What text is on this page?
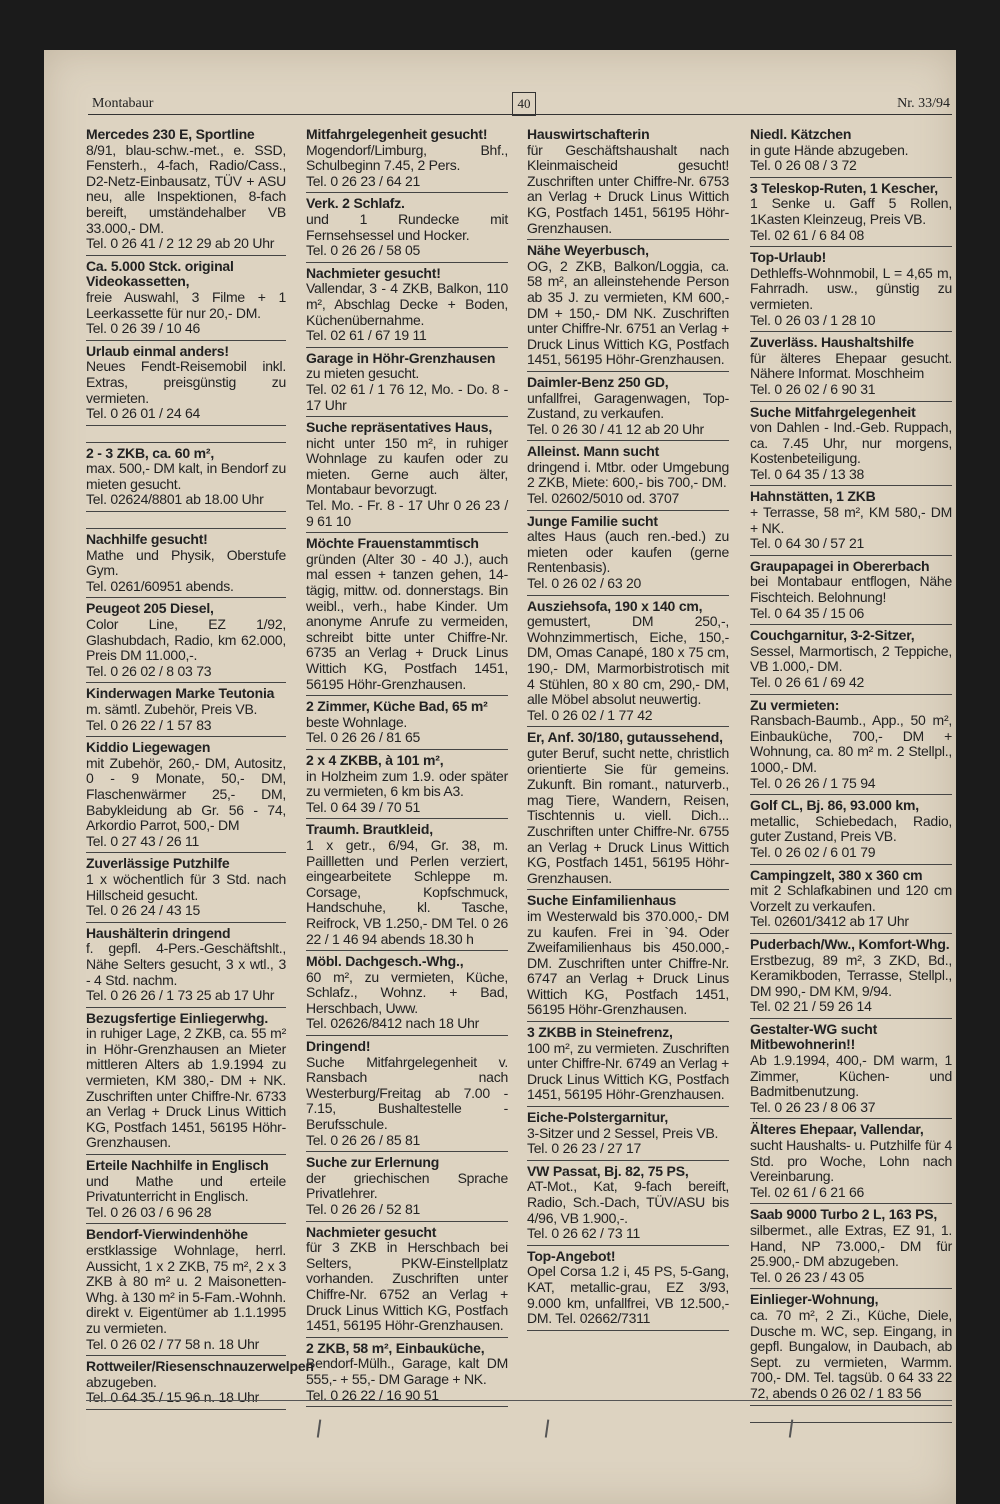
Montabaur	40	Nr. 33/94
Mercedes 230 E, Sportline

8/91, blau-schw.-met., e. SSD, Fensterh., 4-fach, Radio/Cass., D2-Netz-Einbausatz, TÜV + ASU neu, alle Inspektionen, 8-fach bereift, umständehalber VB 33.000,- DM.

Tel. 0 26 41 / 2 12 29 ab 20 Uhr

Ca. 5.000 Stck. original Videokassetten,

freie Auswahl, 3 Filme + 1 Leerkassette für nur 20,- DM.

Tel. 0 26 39 / 10 46

Urlaub einmal anders!

Neues Fendt-Reisemobil inkl. Extras, preisgünstig zu vermieten.

Tel. 0 26 01 / 24 64

2 - 3 ZKB, ca. 60 m²,

max. 500,- DM kalt, in Bendorf zu mieten gesucht.

Tel. 02624/8801 ab 18.00 Uhr

Nachhilfe gesucht!

Mathe und Physik, Oberstufe Gym.

Tel. 0261/60951 abends.

Peugeot 205 Diesel,

Color Line, EZ 1/92, Glashubdach, Radio, km 62.000, Preis DM 11.000,-.

Tel. 0 26 02 / 8 03 73

Kinderwagen Marke Teutonia

m. sämtl. Zubehör, Preis VB.

Tel. 0 26 22 / 1 57 83

Kiddio Liegewagen

mit Zubehör, 260,- DM, Autositz, 0 - 9 Monate, 50,- DM, Flaschenwärmer 25,- DM, Babykleidung ab Gr. 56 - 74, Arkordio Parrot, 500,- DM

Tel. 0 27 43 / 26 11

Zuverlässige Putzhilfe

1 x wöchentlich für 3 Std. nach Hillscheid gesucht.

Tel. 0 26 24 / 43 15

Haushälterin dringend

f. gepfl. 4-Pers.-Geschäftshlt., Nähe Selters gesucht, 3 x wtl., 3 - 4 Std. nachm.

Tel. 0 26 26 / 1 73 25 ab 17 Uhr

Bezugsfertige Einliegerwhg.

in ruhiger Lage, 2 ZKB, ca. 55 m² in Höhr-Grenzhausen an Mieter mittleren Alters ab 1.9.1994 zu vermieten, KM 380,- DM + NK. Zuschriften unter Chiffre-Nr. 6733 an Verlag + Druck Linus Wittich KG, Postfach 1451, 56195 Höhr-Grenzhausen.

Erteile Nachhilfe in Englisch

und Mathe und erteile Privatunterricht in Englisch.

Tel. 0 26 03 / 6 96 28

Bendorf-Vierwindenhöhe

erstklassige Wohnlage, herrl. Aussicht, 1 x 2 ZKB, 75 m², 2 x 3 ZKB à 80 m² u. 2 Maisonetten-Whg. à 130 m² in 5-Fam.-Wohnh. direkt v. Eigentümer ab 1.1.1995 zu vermieten.

Tel. 0 26 02 / 77 58 n. 18 Uhr

Rottweiler/Riesenschnauzerwelpen

abzugeben.

Tel. 0 64 35 / 15 96 n. 18 Uhr

Mitfahrgelegenheit gesucht!

Mogendorf/Limburg, Bhf., Schulbeginn 7.45, 2 Pers.

Tel. 0 26 23 / 64 21

Verk. 2 Schlafz.

und 1 Rundecke mit Fernsehsessel und Hocker.

Tel. 0 26 26 / 58 05

Nachmieter gesucht!

Vallendar, 3 - 4 ZKB, Balkon, 110 m², Abschlag Decke + Boden, Küchenübernahme.

Tel. 02 61 / 67 19 11

Garage in Höhr-Grenzhausen

zu mieten gesucht.

Tel. 02 61 / 1 76 12, Mo. - Do. 8 - 17 Uhr

Suche repräsentatives Haus,

nicht unter 150 m², in ruhiger Wohnlage zu kaufen oder zu mieten. Gerne auch älter, Montabaur bevorzugt.

Tel. Mo. - Fr. 8 - 17 Uhr 0 26 23 / 9 61 10

Möchte Frauenstammtisch

gründen (Alter 30 - 40 J.), auch mal essen + tanzen gehen, 14-tägig, mittw. od. donnerstags. Bin weibl., verh., habe Kinder. Um anonyme Anrufe zu vermeiden, schreibt bitte unter Chiffre-Nr. 6735 an Verlag + Druck Linus Wittich KG, Postfach 1451, 56195 Höhr-Grenzhausen.

2 Zimmer, Küche Bad, 65 m²

beste Wohnlage.

Tel. 0 26 26 / 81 65

2 x 4 ZKBB, à 101 m²,

in Holzheim zum 1.9. oder später zu vermieten, 6 km bis A3.

Tel. 0 64 39 / 70 51

Traumh. Brautkleid,

1 x getr., 6/94, Gr. 38, m. Paillletten und Perlen verziert, eingearbeitete Schleppe m. Corsage, Kopfschmuck, Handschuhe, kl. Tasche, Reifrock, VB 1.250,- DM Tel. 0 26 22 / 1 46 94 abends 18.30 h

Möbl. Dachgesch.-Whg.,

60 m², zu vermieten, Küche, Schlafz., Wohnz. + Bad, Herschbach, Uww.

Tel. 02626/8412 nach 18 Uhr

Dringend!

Suche Mitfahrgelegenheit v. Ransbach nach Westerburg/Freitag ab 7.00 - 7.15, Bushaltestelle - Berufsschule.

Tel. 0 26 26 / 85 81

Suche zur Erlernung

der griechischen Sprache Privatlehrer.

Tel. 0 26 26 / 52 81

Nachmieter gesucht

für 3 ZKB in Herschbach bei Selters, PKW-Einstellplatz vorhanden. Zuschriften unter Chiffre-Nr. 6752 an Verlag + Druck Linus Wittich KG, Postfach 1451, 56195 Höhr-Grenzhausen.

2 ZKB, 58 m², Einbauküche,

Bendorf-Mülh., Garage, kalt DM 555,- + 55,- DM Garage + NK.

Tel. 0 26 22 / 16 90 51

Hauswirtschafterin

für Geschäftshaushalt nach Kleinmaischeid gesucht! Zuschriften unter Chiffre-Nr. 6753 an Verlag + Druck Linus Wittich KG, Postfach 1451, 56195 Höhr-Grenzhausen.

Nähe Weyerbusch,

OG, 2 ZKB, Balkon/Loggia, ca. 58 m², an alleinstehende Person ab 35 J. zu vermieten, KM 600,- DM + 150,- DM NK. Zuschriften unter Chiffre-Nr. 6751 an Verlag + Druck Linus Wittich KG, Postfach 1451, 56195 Höhr-Grenzhausen.

Daimler-Benz 250 GD,

unfallfrei, Garagenwagen, Top-Zustand, zu verkaufen.

Tel. 0 26 30 / 41 12 ab 20 Uhr

Alleinst. Mann sucht

dringend i. Mtbr. oder Umgebung 2 ZKB, Miete: 600,- bis 700,- DM.

Tel. 02602/5010 od. 3707

Junge Familie sucht

altes Haus (auch ren.-bed.) zu mieten oder kaufen (gerne Rentenbasis).

Tel. 0 26 02 / 63 20

Ausziehsofa, 190 x 140 cm,

gemustert, DM 250,-, Wohnzimmertisch, Eiche, 150,- DM, Omas Canapé, 180 x 75 cm, 190,- DM, Marmorbistrotisch mit 4 Stühlen, 80 x 80 cm, 290,- DM, alle Möbel absolut neuwertig.

Tel. 0 26 02 / 1 77 42

Er, Anf. 30/180, gutaussehend,

guter Beruf, sucht nette, christlich orientierte Sie für gemeins. Zukunft. Bin romant., naturverb., mag Tiere, Wandern, Reisen, Tischtennis u. viell. Dich... Zuschriften unter Chiffre-Nr. 6755 an Verlag + Druck Linus Wittich KG, Postfach 1451, 56195 Höhr-Grenzhausen.

Suche Einfamilienhaus

im Westerwald bis 370.000,- DM zu kaufen. Frei in `94. Oder Zweifamilienhaus bis 450.000,- DM. Zuschriften unter Chiffre-Nr. 6747 an Verlag + Druck Linus Wittich KG, Postfach 1451, 56195 Höhr-Grenzhausen.

3 ZKBB in Steinefrenz,

100 m², zu vermieten. Zuschriften unter Chiffre-Nr. 6749 an Verlag + Druck Linus Wittich KG, Postfach 1451, 56195 Höhr-Grenzhausen.

Eiche-Polstergarnitur,

3-Sitzer und 2 Sessel, Preis VB.

Tel. 0 26 23 / 27 17

VW Passat, Bj. 82, 75 PS,

AT-Mot., Kat, 9-fach bereift, Radio, Sch.-Dach, TÜV/ASU bis 4/96, VB 1.900,-.

Tel. 0 26 62 / 73 11

Top-Angebot!

Opel Corsa 1.2 i, 45 PS, 5-Gang, KAT, metallic-grau, EZ 3/93, 9.000 km, unfallfrei, VB 12.500,- DM. Tel. 02662/7311

Niedl. Kätzchen

in gute Hände abzugeben.

Tel. 0 26 08 / 3 72

3 Teleskop-Ruten, 1 Kescher,

1 Senke u. Gaff 5 Rollen, 1Kasten Kleinzeug, Preis VB.

Tel. 02 61 / 6 84 08

Top-Urlaub!

Dethleffs-Wohnmobil, L = 4,65 m, Fahrradh. usw., günstig zu vermieten.

Tel. 0 26 03 / 1 28 10

Zuverläss. Haushaltshilfe

für älteres Ehepaar gesucht. Nähere Informat. Moschheim

Tel. 0 26 02 / 6 90 31

Suche Mitfahrgelegenheit

von Dahlen - Ind.-Geb. Ruppach, ca. 7.45 Uhr, nur morgens, Kostenbeteiligung.

Tel. 0 64 35 / 13 38

Hahnstätten, 1 ZKB

+ Terrasse, 58 m², KM 580,- DM + NK.

Tel. 0 64 30 / 57 21

Graupapagei in Obererbach

bei Montabaur entflogen, Nähe Fischteich. Belohnung!

Tel. 0 64 35 / 15 06

Couchgarnitur, 3-2-Sitzer,

Sessel, Marmortisch, 2 Teppiche, VB 1.000,- DM.

Tel. 0 26 61 / 69 42

Zu vermieten:

Ransbach-Baumb., App., 50 m², Einbauküche, 700,- DM + Wohnung, ca. 80 m² m. 2 Stellpl., 1000,- DM.

Tel. 0 26 26 / 1 75 94

Golf CL, Bj. 86, 93.000 km,

metallic, Schiebedach, Radio, guter Zustand, Preis VB.

Tel. 0 26 02 / 6 01 79

Campingzelt, 380 x 360 cm

mit 2 Schlafkabinen und 120 cm Vorzelt zu verkaufen.

Tel. 02601/3412 ab 17 Uhr

Puderbach/Ww., Komfort-Whg.

Erstbezug, 89 m², 3 ZKD, Bd., Keramikboden, Terrasse, Stellpl., DM 990,- DM KM, 9/94.

Tel. 02 21 / 59 26 14

Gestalter-WG sucht Mitbewohnerin!!

Ab 1.9.1994, 400,- DM warm, 1 Zimmer, Küchen- und Badmitbenutzung.

Tel. 0 26 23 / 8 06 37

Älteres Ehepaar, Vallendar,

sucht Haushalts- u. Putzhilfe für 4 Std. pro Woche, Lohn nach Vereinbarung.

Tel. 02 61 / 6 21 66

Saab 9000 Turbo 2 L, 163 PS,

silbermet., alle Extras, EZ 91, 1. Hand, NP 73.000,- DM für 25.900,- DM abzugeben.

Tel. 0 26 23 / 43 05

Einlieger-Wohnung,

ca. 70 m², 2 Zi., Küche, Diele, Dusche m. WC, sep. Eingang, in gepfl. Bungalow, in Daubach, ab Sept. zu vermieten, Warmm. 700,- DM. Tel. tagsüb. 0 64 33 22 72, abends 0 26 02 / 1 83 56
